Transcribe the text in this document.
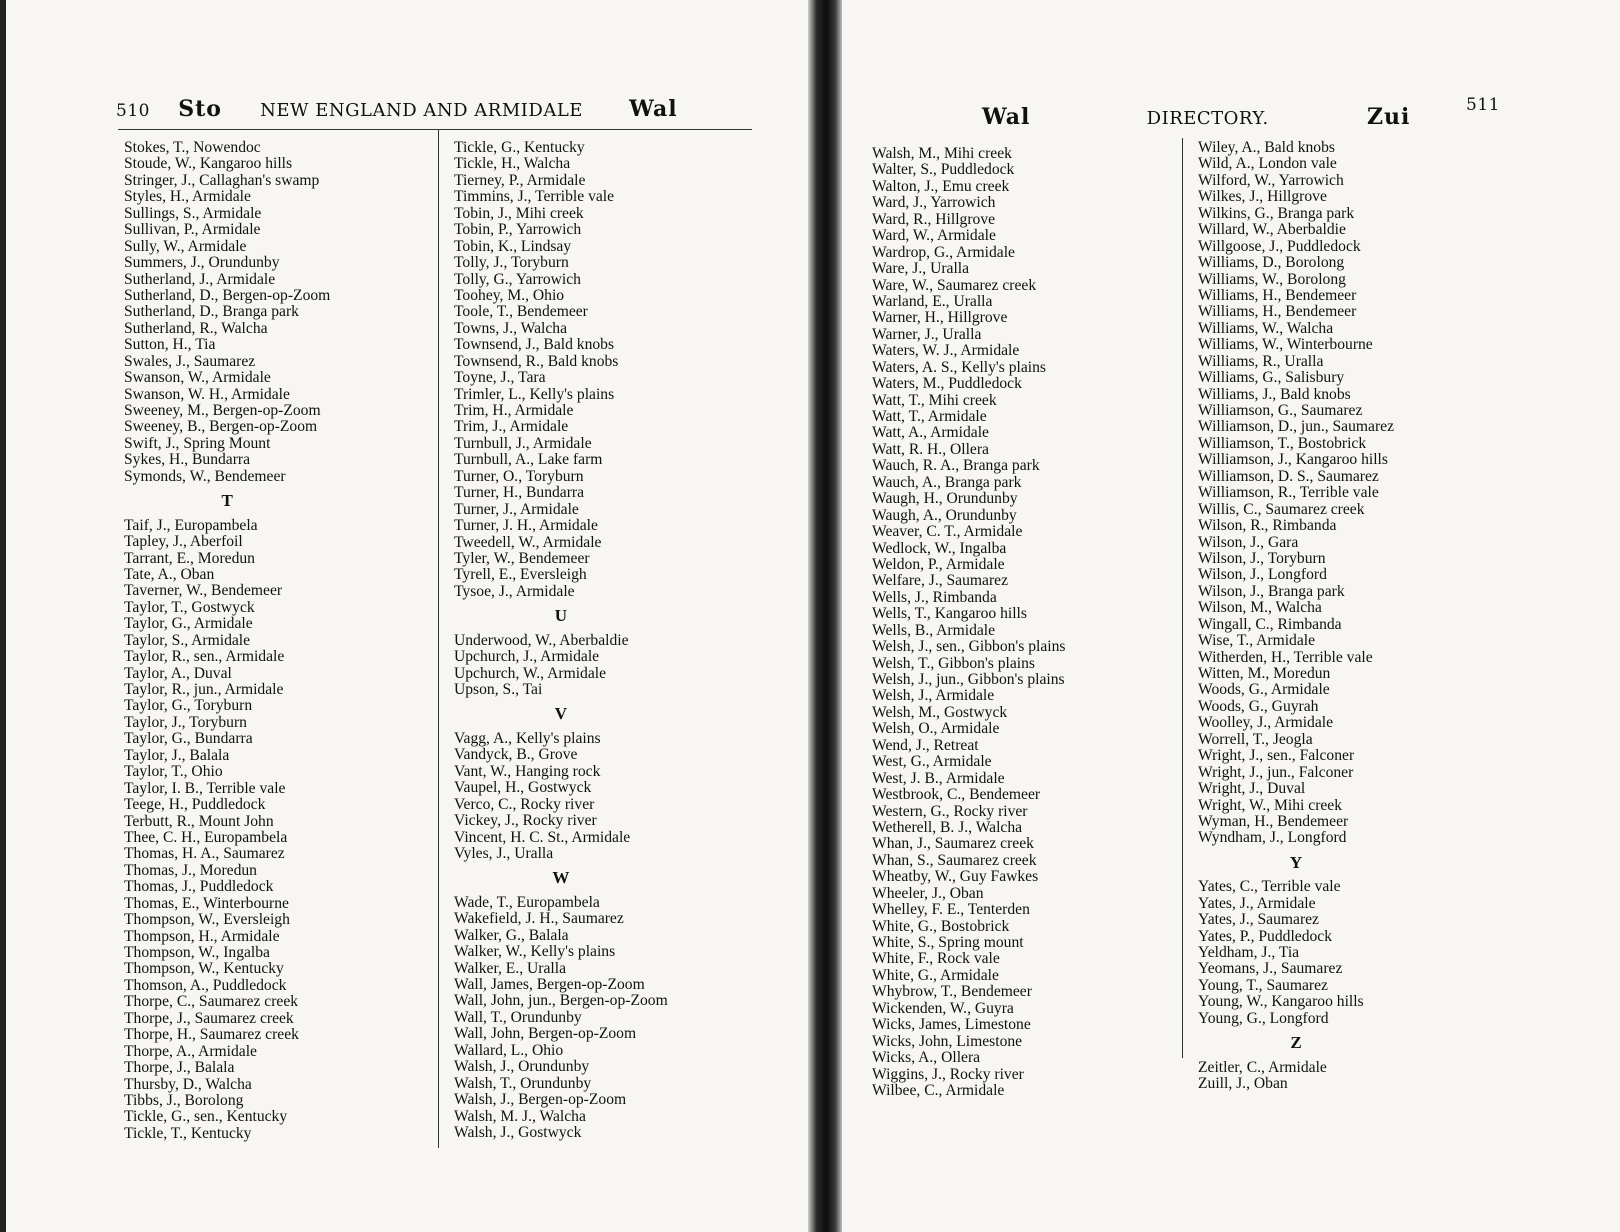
510 Sto NEW ENGLAND AND ARMIDALE Wal
Stokes, T., Nowendoc
Stoude, W., Kangaroo hills
Stringer, J., Callaghan's swamp
Styles, H., Armidale
Sullings, S., Armidale
Sullivan, P., Armidale
Sully, W., Armidale
Summers, J., Orundunby
Sutherland, J., Armidale
Sutherland, D., Bergen-op-Zoom
Sutherland, D., Branga park
Sutherland, R., Walcha
Sutton, H., Tia
Swales, J., Saumarez
Swanson, W., Armidale
Swanson, W. H., Armidale
Sweeney, M., Bergen-op-Zoom
Sweeney, B., Bergen-op-Zoom
Swift, J., Spring Mount
Sykes, H., Bundarra
Symonds, W., Bendemeer
T
Taif, J., Europambela
Tapley, J., Aberfoil
Tarrant, E., Moredun
Tate, A., Oban
Taverner, W., Bendemeer
Taylor, T., Gostwyck
Taylor, G., Armidale
Taylor, S., Armidale
Taylor, R., sen., Armidale
Taylor, A., Duval
Taylor, R., jun., Armidale
Taylor, G., Toryburn
Taylor, J., Toryburn
Taylor, G., Bundarra
Taylor, J., Balala
Taylor, T., Ohio
Taylor, I. B., Terrible vale
Teege, H., Puddledock
Terbutt, R., Mount John
Thee, C. H., Europambela
Thomas, H. A., Saumarez
Thomas, J., Moredun
Thomas, J., Puddledock
Thomas, E., Winterbourne
Thompson, W., Eversleigh
Thompson, H., Armidale
Thompson, W., Ingalba
Thompson, W., Kentucky
Thomson, A., Puddledock
Thorpe, C., Saumarez creek
Thorpe, J., Saumarez creek
Thorpe, H., Saumarez creek
Thorpe, A., Armidale
Thorpe, J., Balala
Thursby, D., Walcha
Tibbs, J., Borolong
Tickle, G., sen., Kentucky
Tickle, T., Kentucky
Tickle, G., Kentucky
Tickle, H., Walcha
Tierney, P., Armidale
Timmins, J., Terrible vale
Tobin, J., Mihi creek
Tobin, P., Yarrowich
Tobin, K., Lindsay
Tolly, J., Toryburn
Tolly, G., Yarrowich
Toohey, M., Ohio
Toole, T., Bendemeer
Towns, J., Walcha
Townsend, J., Bald knobs
Townsend, R., Bald knobs
Toyne, J., Tara
Trimler, L., Kelly's plains
Trim, H., Armidale
Trim, J., Armidale
Turnbull, J., Armidale
Turnbull, A., Lake farm
Turner, O., Toryburn
Turner, H., Bundarra
Turner, J., Armidale
Turner, J. H., Armidale
Tweedell, W., Armidale
Tyler, W., Bendemeer
Tyrell, E., Eversleigh
Tysoe, J., Armidale
U
Underwood, W., Aberbaldie
Upchurch, J., Armidale
Upchurch, W., Armidale
Upson, S., Tai
V
Vagg, A., Kelly's plains
Vandyck, B., Grove
Vant, W., Hanging rock
Vaupel, H., Gostwyck
Verco, C., Rocky river
Vickey, J., Rocky river
Vincent, H. C. St., Armidale
Vyles, J., Uralla
W
Wade, T., Europambela
Wakefield, J. H., Saumarez
Walker, G., Balala
Walker, W., Kelly's plains
Walker, E., Uralla
Wall, James, Bergen-op-Zoom
Wall, John, jun., Bergen-op-Zoom
Wall, T., Orundunby
Wall, John, Bergen-op-Zoom
Wallard, L., Ohio
Walsh, J., Orundunby
Walsh, T., Orundunby
Walsh, J., Bergen-op-Zoom
Walsh, M. J., Walcha
Walsh, J., Gostwyck
Wal	DIRECTORY.	Zui	511
Walsh, M., Mihi creek
Walter, S., Puddledock
Walton, J., Emu creek
Ward, J., Yarrowich
Ward, R., Hillgrove
Ward, W., Armidale
Wardrop, G., Armidale
Ware, J., Uralla
Ware, W., Saumarez creek
Warland, E., Uralla
Warner, H., Hillgrove
Warner, J., Uralla
Waters, W. J., Armidale
Waters, A. S., Kelly's plains
Waters, M., Puddledock
Watt, T., Mihi creek
Watt, T., Armidale
Watt, A., Armidale
Watt, R. H., Ollera
Wauch, R. A., Branga park
Wauch, A., Branga park
Waugh, H., Orundunby
Waugh, A., Orundunby
Weaver, C. T., Armidale
Wedlock, W., Ingalba
Weldon, P., Armidale
Welfare, J., Saumarez
Wells, J., Rimbanda
Wells, T., Kangaroo hills
Wells, B., Armidale
Welsh, J., sen., Gibbon's plains
Welsh, T., Gibbon's plains
Welsh, J., jun., Gibbon's plains
Welsh, J., Armidale
Welsh, M., Gostwyck
Welsh, O., Armidale
Wend, J., Retreat
West, G., Armidale
West, J. B., Armidale
Westbrook, C., Bendemeer
Western, G., Rocky river
Wetherell, B. J., Walcha
Whan, J., Saumarez creek
Whan, S., Saumarez creek
Wheatby, W., Guy Fawkes
Wheeler, J., Oban
Whelley, F. E., Tenterden
White, G., Bostobrick
White, S., Spring mount
White, F., Rock vale
White, G., Armidale
Whybrow, T., Bendemeer
Wickenden, W., Guyra
Wicks, James, Limestone
Wicks, John, Limestone
Wicks, A., Ollera
Wiggins, J., Rocky river
Wilbee, C., Armidale
Wiley, A., Bald knobs
Wild, A., London vale
Wilford, W., Yarrowich
Wilkes, J., Hillgrove
Wilkins, G., Branga park
Willard, W., Aberbaldie
Willgoose, J., Puddledock
Williams, D., Borolong
Williams, W., Borolong
Williams, H., Bendemeer
Williams, H., Bendemeer
Williams, W., Walcha
Williams, W., Winterbourne
Williams, R., Uralla
Williams, G., Salisbury
Williams, J., Bald knobs
Williamson, G., Saumarez
Williamson, D., jun., Saumarez
Williamson, T., Bostobrick
Williamson, J., Kangaroo hills
Williamson, D. S., Saumarez
Williamson, R., Terrible vale
Willis, C., Saumarez creek
Wilson, R., Rimbanda
Wilson, J., Gara
Wilson, J., Toryburn
Wilson, J., Longford
Wilson, J., Branga park
Wilson, M., Walcha
Wingall, C., Rimbanda
Wise, T., Armidale
Witherden, H., Terrible vale
Witten, M., Moredun
Woods, G., Armidale
Woods, G., Guyrah
Woolley, J., Armidale
Worrell, T., Jeogla
Wright, J., sen., Falconer
Wright, J., jun., Falconer
Wright, J., Duval
Wright, W., Mihi creek
Wyman, H., Bendemeer
Wyndham, J., Longford
Y
Yates, C., Terrible vale
Yates, J., Armidale
Yates, J., Saumarez
Yates, P., Puddledock
Yeldham, J., Tia
Yeomans, J., Saumarez
Young, T., Saumarez
Young, W., Kangaroo hills
Young, G., Longford
Z
Zeitler, C., Armidale
Zuill, J., Oban
